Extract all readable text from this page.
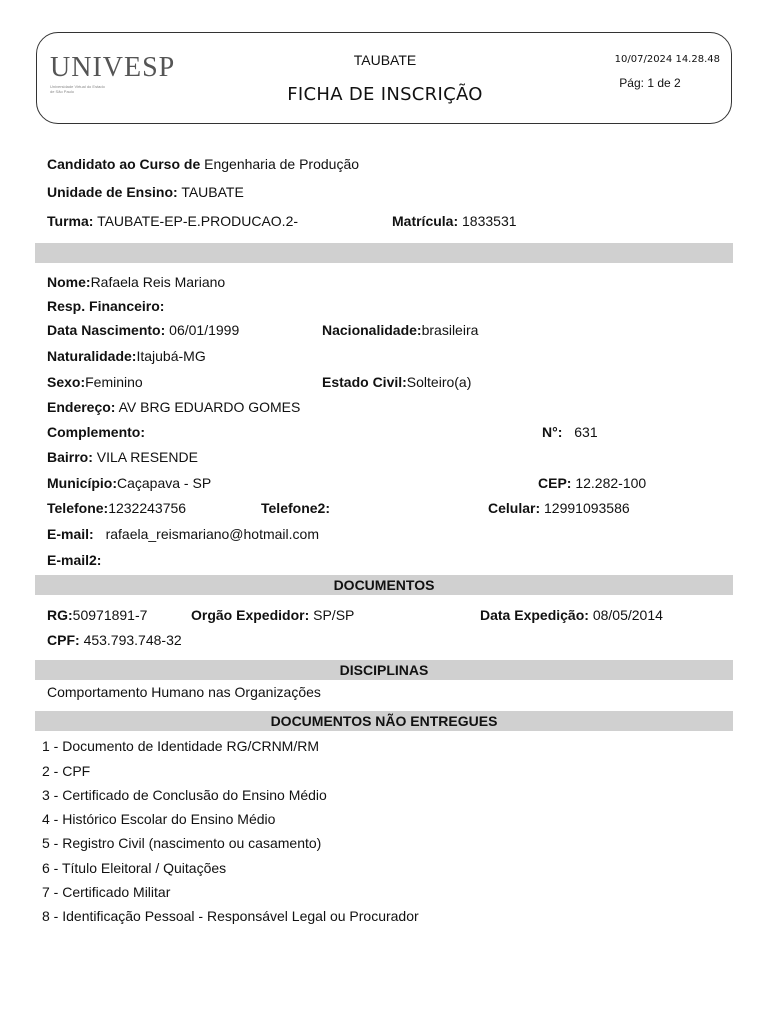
UNIVESP
Universidade Virtual do Estado de São Paulo
TAUBATE
FICHA DE INSCRIÇÃO
10/07/2024 14.28.48
Pág: 1 de 2
Candidato ao Curso de Engenharia de Produção
Unidade de Ensino: TAUBATE
Turma: TAUBATE-EP-E.PRODUCAO.2-	Matrícula: 1833531
Nome:Rafaela Reis Mariano
Resp. Financeiro:
Data Nascimento: 06/01/1999	Nacionalidade:brasileira
Naturalidade:Itajubá-MG
Sexo:Feminino	Estado Civil:Solteiro(a)
Endereço: AV BRG EDUARDO GOMES
Complemento:	N°: 631
Bairro: VILA RESENDE
Município:Caçapava - SP	CEP: 12.282-100
Telefone:1232243756	Telefone2:	Celular: 12991093586
E-mail: rafaela_reismariano@hotmail.com
E-mail2:
DOCUMENTOS
RG:50971891-7	Orgão Expedidor: SP/SP	Data Expedição: 08/05/2014
CPF: 453.793.748-32
DISCIPLINAS
Comportamento Humano nas Organizações
DOCUMENTOS NÃO ENTREGUES
1 - Documento de Identidade RG/CRNM/RM
2 - CPF
3 - Certificado de Conclusão do Ensino Médio
4 - Histórico Escolar do Ensino Médio
5 - Registro Civil (nascimento ou casamento)
6 - Título Eleitoral / Quitações
7 - Certificado Militar
8 - Identificação Pessoal - Responsável Legal ou Procurador
